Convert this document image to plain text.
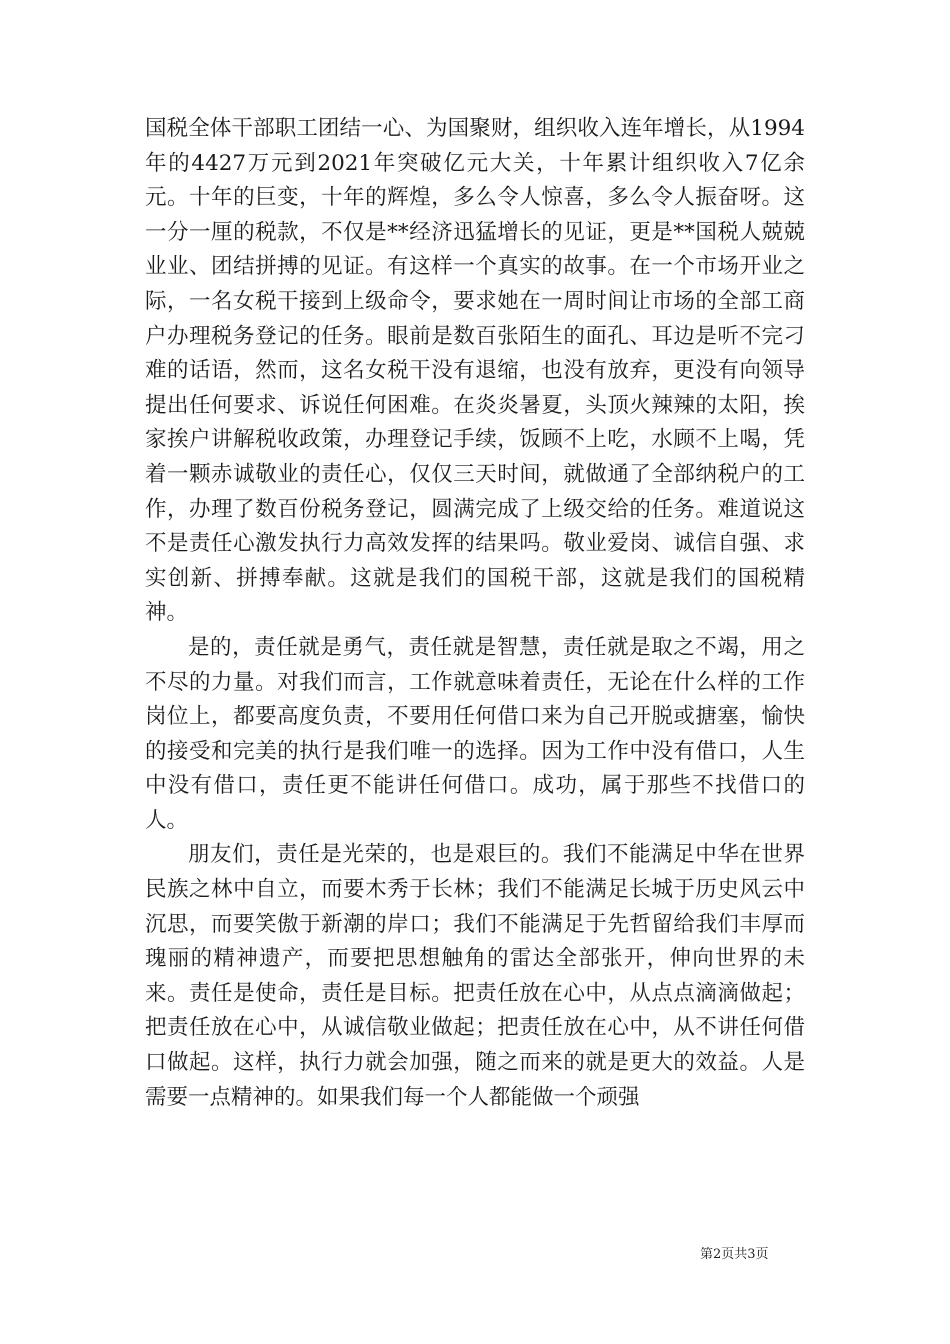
国税全体干部职工团结一心、为国聚财，组织收入连年增长，从1994年的4427万元到2021年突破亿元大关，十年累计组织收入7亿余元。十年的巨变，十年的辉煌，多么令人惊喜，多么令人振奋呀。这一分一厘的税款，不仅是**经济迅猛增长的见证，更是**国税人兢兢业业、团结拼搏的见证。有这样一个真实的故事。在一个市场开业之际，一名女税干接到上级命令，要求她在一周时间让市场的全部工商户办理税务登记的任务。眼前是数百张陌生的面孔、耳边是听不完刁难的话语，然而，这名女税干没有退缩，也没有放弃，更没有向领导提出任何要求、诉说任何困难。在炎炎暑夏，头顶火辣辣的太阳，挨家挨户讲解税收政策，办理登记手续，饭顾不上吃，水顾不上喝，凭着一颗赤诚敬业的责任心，仅仅三天时间，就做通了全部纳税户的工作，办理了数百份税务登记，圆满完成了上级交给的任务。难道说这不是责任心激发执行力高效发挥的结果吗。敬业爱岗、诚信自强、求实创新、拼搏奉献。这就是我们的国税干部，这就是我们的国税精神。

是的，责任就是勇气，责任就是智慧，责任就是取之不竭，用之不尽的力量。对我们而言，工作就意味着责任，无论在什么样的工作岗位上，都要高度负责，不要用任何借口来为自己开脱或搪塞，愉快的接受和完美的执行是我们唯一的选择。因为工作中没有借口，人生中没有借口，责任更不能讲任何借口。成功，属于那些不找借口的人。

朋友们，责任是光荣的，也是艰巨的。我们不能满足中华在世界民族之林中自立，而要木秀于长林；我们不能满足长城于历史风云中沉思，而要笑傲于新潮的岸口；我们不能满足于先哲留给我们丰厚而瑰丽的精神遗产，而要把思想触角的雷达全部张开，伸向世界的未来。责任是使命，责任是目标。把责任放在心中，从点点滴滴做起；把责任放在心中，从诚信敬业做起；把责任放在心中，从不讲任何借口做起。这样，执行力就会加强，随之而来的就是更大的效益。人是需要一点精神的。如果我们每一个人都能做一个顽强

第2页共3页
